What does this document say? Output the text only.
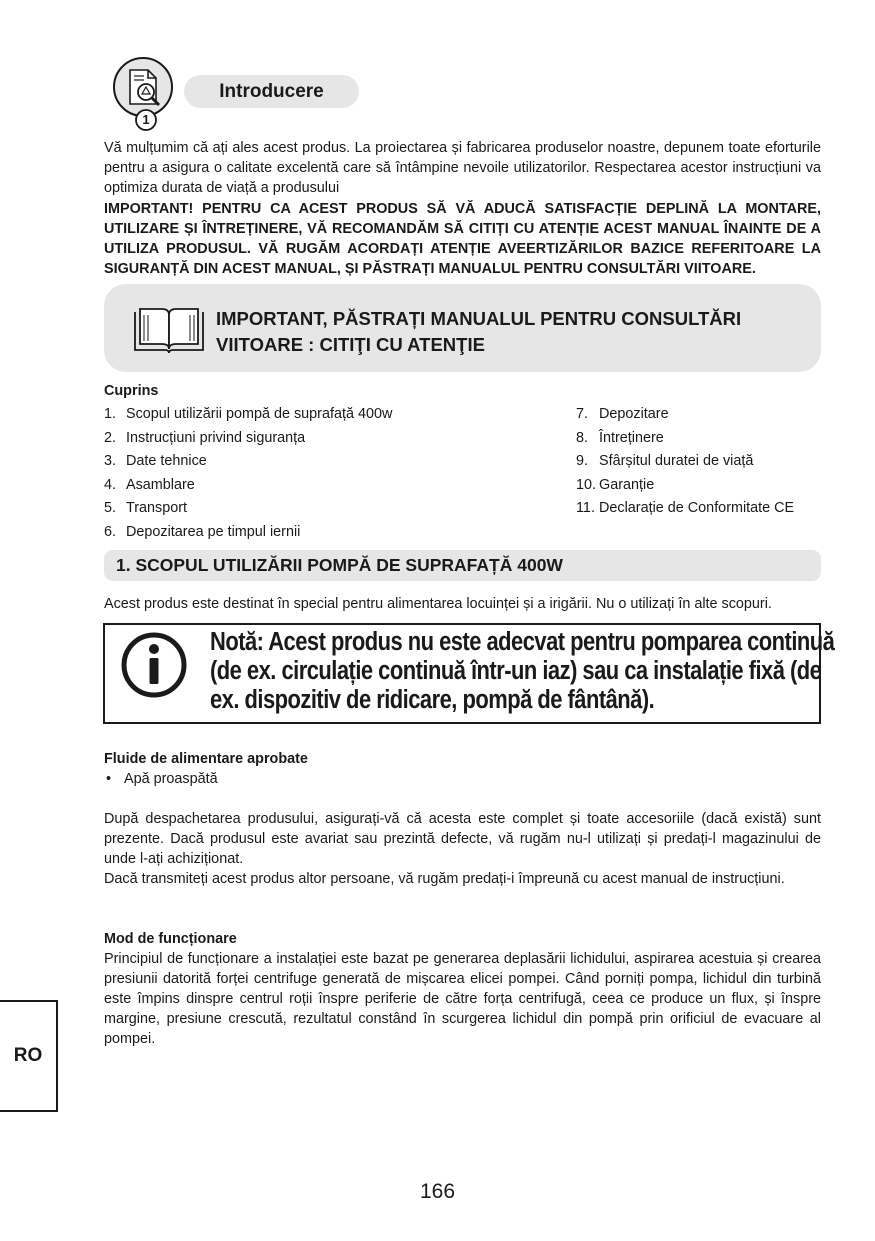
1
Introducere
Vă mulțumim că ați ales acest produs. La proiectarea și fabricarea produselor noastre, depunem toate eforturile pentru a asigura o calitate excelentă care să întâmpine nevoile utilizatorilor. Respectarea acestor instrucțiuni va optimiza durata de viață a produsului
IMPORTANT! PENTRU CA ACEST PRODUS SĂ VĂ ADUCĂ SATISFACȚIE DEPLINĂ LA MONTARE, UTILIZARE ȘI ÎNTREȚINERE, VĂ RECOMANDĂM SĂ CITIȚI CU ATENȚIE ACEST MANUAL ÎNAINTE DE A UTILIZA PRODUSUL. VĂ RUGĂM ACORDAȚI ATENȚIE AVEERTIZĂRILOR BAZICE REFERITOARE LA SIGURANȚĂ DIN ACEST MANUAL, ȘI PĂSTRAȚI MANUALUL PENTRU CONSULTĂRI VIITOARE.
IMPORTANT, PĂSTRAȚI MANUALUL PENTRU CONSULTĂRI
VIITOARE : CITIŢI CU ATENŢIE
Cuprins
1. Scopul utilizării pompă de suprafață 400w
2. Instrucțiuni privind siguranța
3. Date tehnice
4. Asamblare
5. Transport
6. Depozitarea pe timpul iernii
7. Depozitare
8. Întreținere
9. Sfârșitul duratei de viață
10. Garanție
11. Declarație de Conformitate CE
1. SCOPUL UTILIZĂRII POMPĂ DE SUPRAFAȚĂ 400W
Acest produs este destinat în special pentru alimentarea locuinței și a irigării. Nu o utilizați în alte scopuri.
Notă: Acest produs nu este adecvat pentru pomparea continuă
(de ex. circulație continuă într-un iaz) sau ca instalație fixă (de
ex. dispozitiv de ridicare, pompă de fântână).
Fluide de alimentare aprobate
• Apă proaspătă
După despachetarea produsului, asigurați-vă că acesta este complet și toate accesoriile (dacă există) sunt prezente. Dacă produsul este avariat sau prezintă defecte, vă rugăm nu-l utilizați și predați-l magazinului de unde l-ați achiziționat.
Dacă transmiteți acest produs altor persoane, vă rugăm predați-i împreună cu acest manual de instrucțiuni.
Mod de funcționare
Principiul de funcționare a instalației este bazat pe generarea deplasării lichidului, aspirarea acestuia și crearea presiunii datorită forței centrifuge generată de mișcarea elicei pompei. Când porniți pompa, lichidul din turbină este împins dinspre centrul roții înspre periferie de către forța centrifugă, ceea ce produce un flux, și înspre margine, presiune crescută, rezultatul constând în scurgerea lichidul din pompă prin orificiul de evacuare al pompei.
RO
166
